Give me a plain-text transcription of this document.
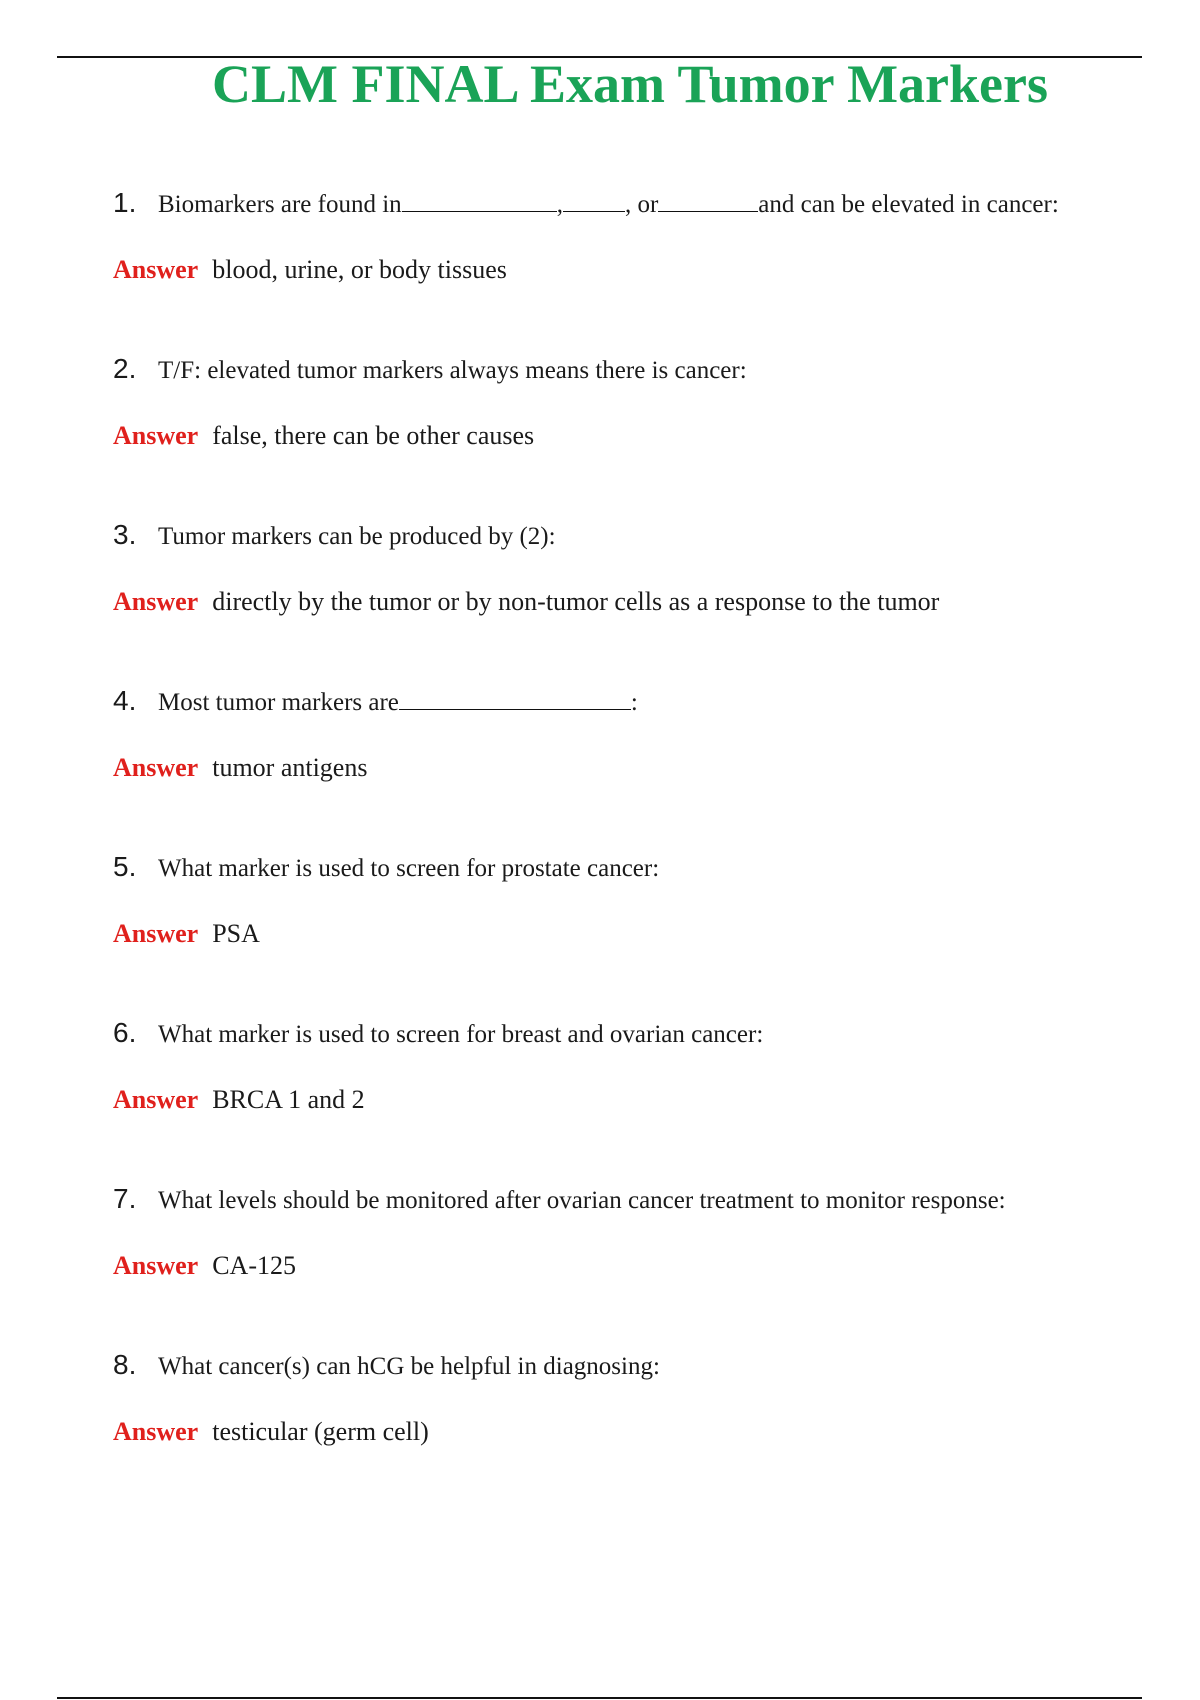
CLM FINAL Exam Tumor Markers
1. Biomarkers are found in	, , or	and can be elevated in cancer:
Answer blood, urine, or body tissues
2. T/F: elevated tumor markers always means there is cancer:
Answer false, there can be other causes
3. Tumor markers can be produced by (2):
Answer directly by the tumor or by non-tumor cells as a response to the tumor
4. Most tumor markers are	:
Answer tumor antigens
5. What marker is used to screen for prostate cancer:
Answer PSA
6. What marker is used to screen for breast and ovarian cancer:
Answer BRCA 1 and 2
7. What levels should be monitored after ovarian cancer treatment to monitor response:
Answer CA-125
8. What cancer(s) can hCG be helpful in diagnosing:
Answer testicular (germ cell)
